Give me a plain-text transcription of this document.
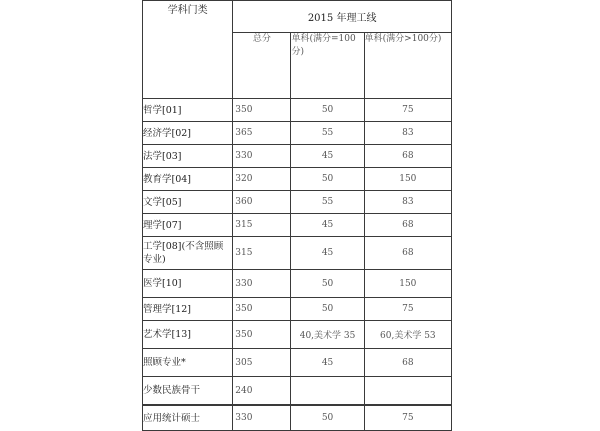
学科门类	2015 年理工线		
	总分	单科(满分=100分)	单科(满分>100分)
哲学[01]	350	50	75
经济学[02]	365	55	83
法学[03]	330	45	68
教育学[04]	320	50	150
文学[05]	360	55	83
理学[07]	315	45	68
工学[08](不含照顾专业)	315	45	68
医学[10]	330	50	150
管理学[12]	350	50	75
艺术学[13]	350	40,美术学 35	60,美术学 53
照顾专业*	305	45	68
少数民族骨干	240		
应用统计硕士	330	50	75
